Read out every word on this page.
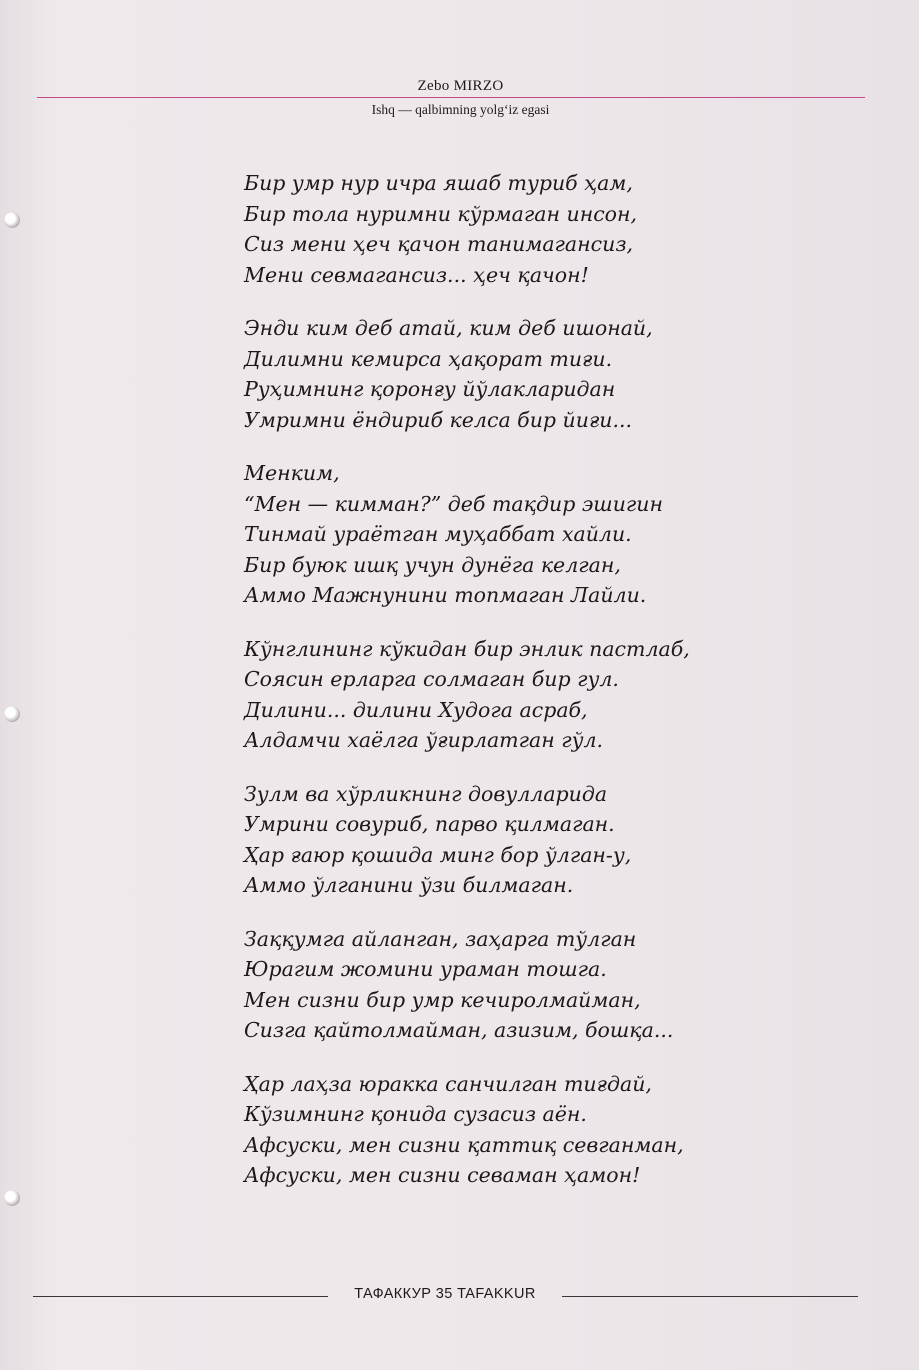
Zebo MIRZO
Ishq — qalbimning yolg‘iz egasi
Бир умр нур ичра яшаб туриб ҳам,
Бир тола нуримни кўрмаган инсон,
Сиз мени ҳеч қачон танимагансиз,
Мени севмагансиз... ҳеч қачон!
Энди ким деб атай, ким деб ишонай,
Дилимни кемирса ҳақорат тиғи.
Руҳимнинг қоронғу йўлакларидан
Умримни ёндириб келса бир йиғи...
Менким,
“Мен — кимман?” деб тақдир эшигин
Тинмай ураётган муҳаббат хайли.
Бир буюк ишқ учун дунёга келган,
Аммо Мажнунини топмаган Лайли.
Кўнглининг кўкидан бир энлик пастлаб,
Соясин ерларга солмаган бир гул.
Дилини... дилини Худога асраб,
Алдамчи хаёлга ўғирлатган гўл.
Зулм ва хўрликнинг довулларида
Умрини совуриб, парво қилмаган.
Ҳар ғаюр қошида минг бор ўлган-у,
Аммо ўлганини ўзи билмаган.
Заққумга айланган, заҳарга тўлган
Юрагим жомини ураман тошга.
Мен сизни бир умр кечиролмайман,
Сизга қайтолмайман, азизим, бошқа...
Ҳар лаҳза юракка санчилган тиғдай,
Кўзимнинг қонида сузасиз аён.
Афсуски, мен сизни қаттиқ севганман,
Афсуски, мен сизни севаман ҳамон!
ТАФАККУР 35 TAFAKKUR
